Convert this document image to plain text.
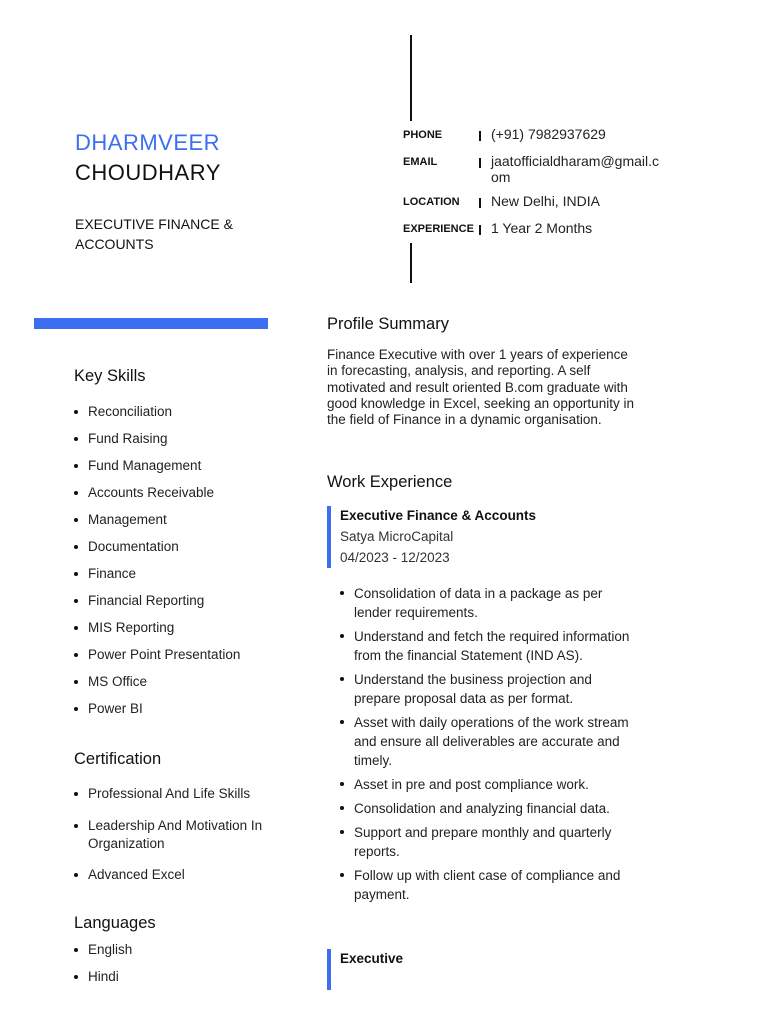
DHARMVEER
CHOUDHARY
EXECUTIVE FINANCE & ACCOUNTS
PHONE	(+91) 7982937629
EMAIL	jaatofficialdharam@gmail.com
LOCATION	New Delhi, INDIA
EXPERIENCE	1 Year 2 Months
Key Skills
Reconciliation
Fund Raising
Fund Management
Accounts Receivable
Management
Documentation
Finance
Financial Reporting
MIS Reporting
Power Point Presentation
MS Office
Power BI
Certification
Professional And Life Skills
Leadership And Motivation In Organization
Advanced Excel
Languages
English
Hindi
Profile Summary
Finance Executive with over 1 years of experience in forecasting, analysis, and reporting. A self motivated and result oriented B.com graduate with good knowledge in Excel, seeking an opportunity in the field of Finance in a dynamic organisation.
Work Experience
Executive Finance & Accounts
Satya MicroCapital
04/2023 - 12/2023
Consolidation of data in a package as per lender requirements.
Understand and fetch the required information from the financial Statement (IND AS).
Understand the business projection and prepare proposal data as per format.
Asset with daily operations of the work stream and ensure all deliverables are accurate and timely.
Asset in pre and post compliance work.
Consolidation and analyzing financial data.
Support and prepare monthly and quarterly reports.
Follow up with client case of compliance and payment.
Executive
